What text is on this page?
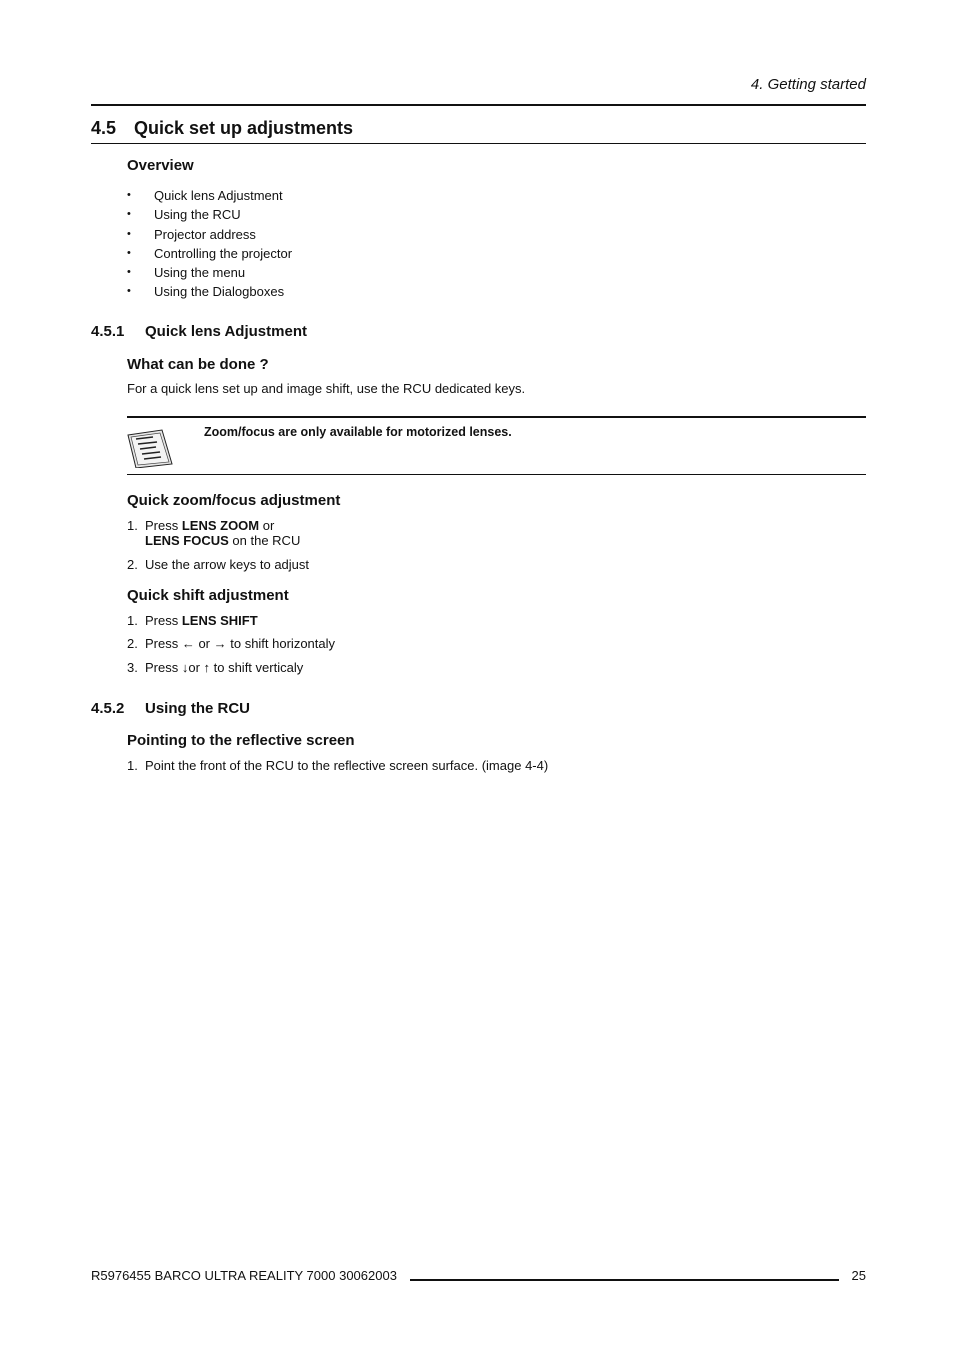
4. Getting started
4.5 Quick set up adjustments
Overview
• Quick lens Adjustment
• Using the RCU
• Projector address
• Controlling the projector
• Using the menu
• Using the Dialogboxes
4.5.1 Quick lens Adjustment
What can be done ?
For a quick lens set up and image shift, use the RCU dedicated keys.
Zoom/focus are only available for motorized lenses.
Quick zoom/focus adjustment
1. Press LENS ZOOM or
LENS FOCUS on the RCU
2. Use the arrow keys to adjust
Quick shift adjustment
1. Press LENS SHIFT
2. Press ← or → to shift horizontaly
3. Press ↓or ↑ to shift verticaly
4.5.2 Using the RCU
Pointing to the reflective screen
1. Point the front of the RCU to the reflective screen surface. (image 4-4)
R5976455 BARCO ULTRA REALITY 7000 30062003	25
